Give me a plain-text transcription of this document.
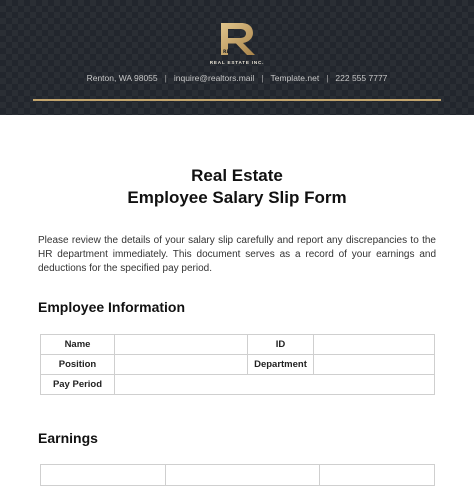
RE
REAL ESTATE INC.
Renton, WA 98055 | inquire@realtors.mail | Template.net | 222 555 7777
Real Estate
Employee Salary Slip Form

Please review the details of your salary slip carefully and report any discrepancies to the HR department immediately. This document serves as a record of your earnings and deductions for the specified pay period.

Employee Information
Name		ID	
Position		Department	
Pay Period			
Earnings
